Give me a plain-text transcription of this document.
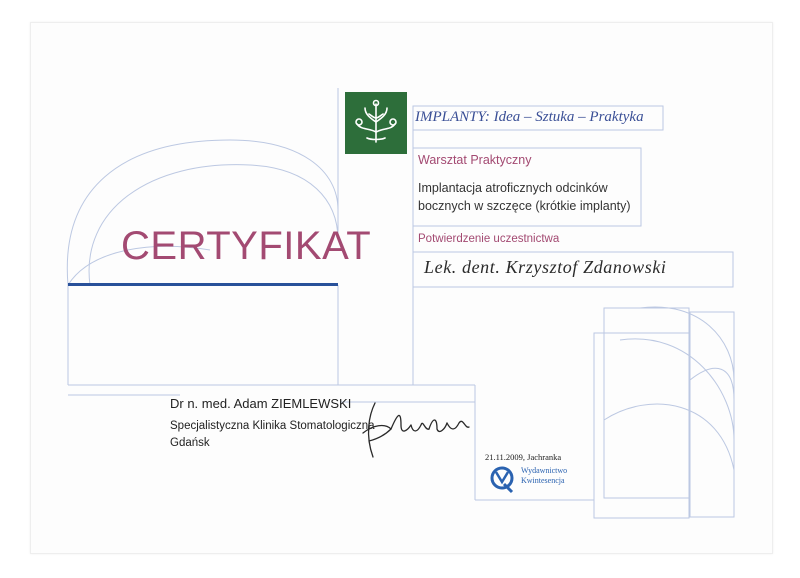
CERTYFIKAT
IMPLANTY: Idea – Sztuka – Praktyka
Warsztat Praktyczny
Implantacja atroficznych odcinków
bocznych w szczęce (krótkie implanty)
Potwierdzenie uczestnictwa
Lek. dent. Krzysztof Zdanowski
Dr n. med. Adam ZIEMLEWSKI
Specjalistyczna Klinika Stomatologiczna
Gdańsk
21.11.2009, Jachranka
Wydawnictwo
Kwintesencja
